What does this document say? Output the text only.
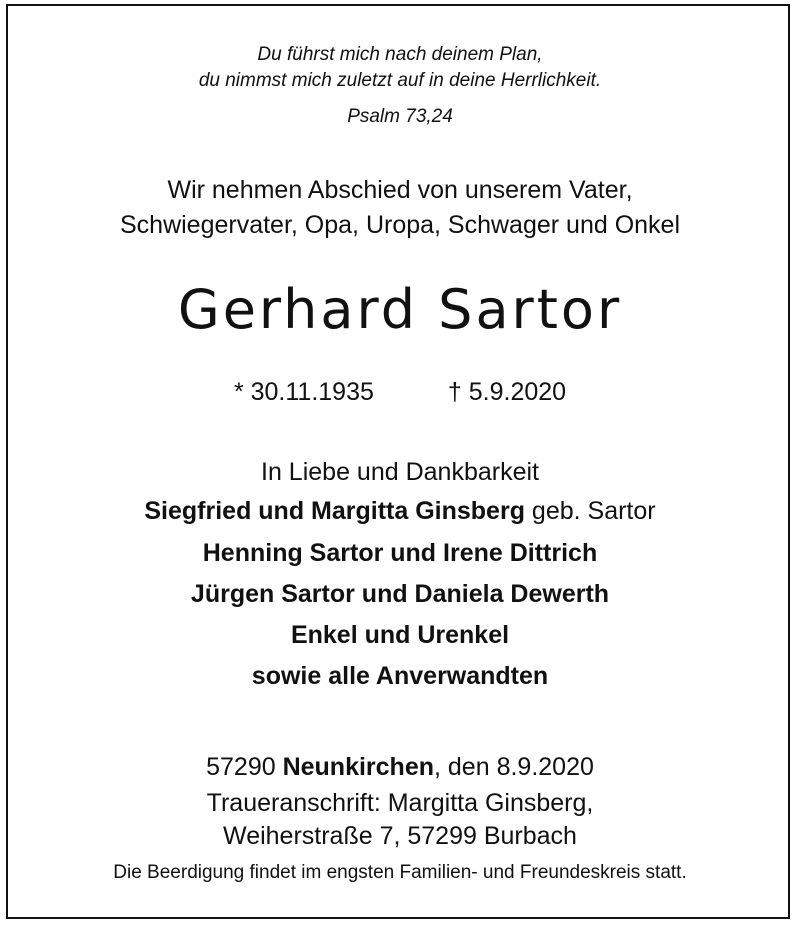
Du führst mich nach deinem Plan,
du nimmst mich zuletzt auf in deine Herrlichkeit.
Psalm 73,24
Wir nehmen Abschied von unserem Vater,
Schwiegervater, Opa, Uropa, Schwager und Onkel
Gerhard Sartor
* 30.11.1935	† 5.9.2020
In Liebe und Dankbarkeit
Siegfried und Margitta Ginsberg geb. Sartor
Henning Sartor und Irene Dittrich
Jürgen Sartor und Daniela Dewerth
Enkel und Urenkel
sowie alle Anverwandten
57290 Neunkirchen, den 8.9.2020
Traueranschrift: Margitta Ginsberg,
Weiherstraße 7, 57299 Burbach
Die Beerdigung findet im engsten Familien- und Freundeskreis statt.
